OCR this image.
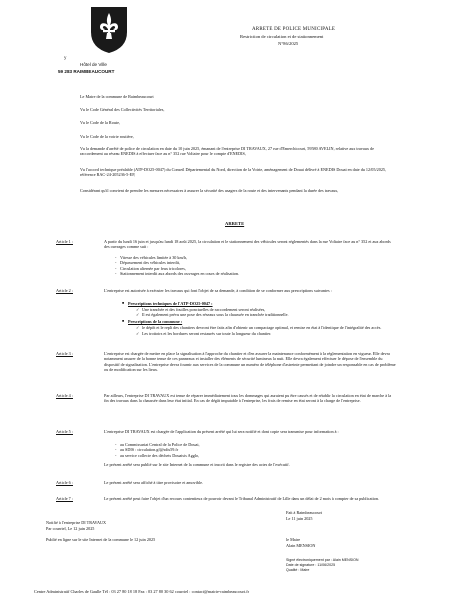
y
Hôtel de Ville
59 283 RAIMBEAUCOURT
ARRETE DE POLICE MUNICIPALE
Restriction de circulation et de stationnement
N°86/2025
Le Maire de la commune de Raimbeaucourt
Vu le Code Général des Collectivités Territoriales,
Vu le Code de la Route,
Vu le Code de la voirie routière,
Vu la demande d'arrêté de police de circulation en date du 10 juin 2025, émanant de l'entreprise DI TRAVAUX, 27 rue d'Emerchicourt, 59580 AVELIN, relative aux travaux de raccordement au réseau ENEDIS à effectuer face au n° 352 rue Voltaire pour le compte d'ENEDIS,
Vu l'accord technique préalable (ATP-DO25-0047) du Conseil Départemental du Nord, direction de la Voirie, aménagement de Douai délivré à ENEDIS Douai en date du 12/05/2025, référence RAC-24-205236-5-EP,
Considérant qu'il convient de prendre les mesures nécessaires à assurer la sécurité des usagers de la route et des intervenants pendant la durée des travaux,
ARRETE
Article 1 :	A partir du lundi 16 juin et jusqu'au lundi 18 août 2025, la circulation et le stationnement des véhicules seront réglementés dans la rue Voltaire face au n° 352 et aux abords des ouvrages comme suit :
- Vitesse des véhicules limitée à 30 km/h,
- Dépassement des véhicules interdit,
- Circulation alternée par feux tricolores,
- Stationnement interdit aux abords des ouvrages en cours de réalisation.
Article 2 :	L'entreprise est autorisée à exécuter les travaux qui font l'objet de sa demande, à condition de se conformer aux prescriptions suivantes :
■ Prescriptions techniques de l'ATP-DO25-0047 :
✓ Une tranchée et des fouilles ponctuelles de raccordement seront réalisées,
✓ Il est également prévu une pose des réseaux sous la chaussée en tranchée traditionnelle.
■ Prescriptions de la commune :
✓ le dépôt et le repli des chantiers devront être faits afin d'obtenir un compactage optimal, et remise en état à l'identique de l'intégralité des accès.
✓ Les trottoirs et les bordures seront restaurés sur toute la longueur du chantier.
Article 3 :	L'entreprise est chargée de mettre en place la signalisation à l'approche du chantier et d'en assurer la maintenance conformément à la réglementation en vigueur. Elle devra notamment assurer de la bonne tenue de ces panneaux et installer des éléments de sécurité lumineux la nuit. Elle devra également effectuer le dépose de l'ensemble du dispositif de signalisation. L'entreprise devra fournir aux services de la commune un numéro de téléphone d'astreinte permettant de joindre un responsable en cas de problème ou de modification sur les lieux.
Article 4 :	Par ailleurs, l'entreprise DI TRAVAUX est tenue de réparer immédiatement tous les dommages qui auraient pu être causés et de rétablir la circulation en état de marche à la fin des travaux dans la chaussée dans leur état initial. En cas de dégât imputable à l'entreprise, les frais de remise en état seront à la charge de l'entreprise.
Article 5 :	L'entreprise DI TRAVAUX est chargée de l'application du présent arrêté qui lui sera notifié et dont copie sera transmise pour information à :
- au Commissariat Central de la Police de Douai,
- au SDIS : circulation.gf@sdis59.fr
- au service collecte des déchets Douaisis Agglo,
Le présent arrêté sera publié sur le site Internet de la commune et inscrit dans le registre des actes de l'exécutif.
Article 6 :	Le présent arrêté sera affiché à titre provisoire et amovible.
Article 7 :	Le présent arrêté peut faire l'objet d'un recours contentieux de pouvoir devant le Tribunal Administratif de Lille dans un délai de 2 mois à compter de sa publication.
Fait à Raimbeaucourt
Le 11 juin 2025
le Maire
Alain MENSION
Notifié à l'entreprise DI TRAVAUX
Par courriel, Le 12 juin 2025
Publié en ligne sur le site Internet de la commune le 12 juin 2025
Signé électroniquement par : Alain MENSION
Date de signature : 11/06/2025
Qualité : Maire
Centre Administratif Charles de Gaulle Tél : 03 27 80 18 18 Fax : 03 27 80 30 62 courriel : contact@mairie-raimbeaucourt.fr
